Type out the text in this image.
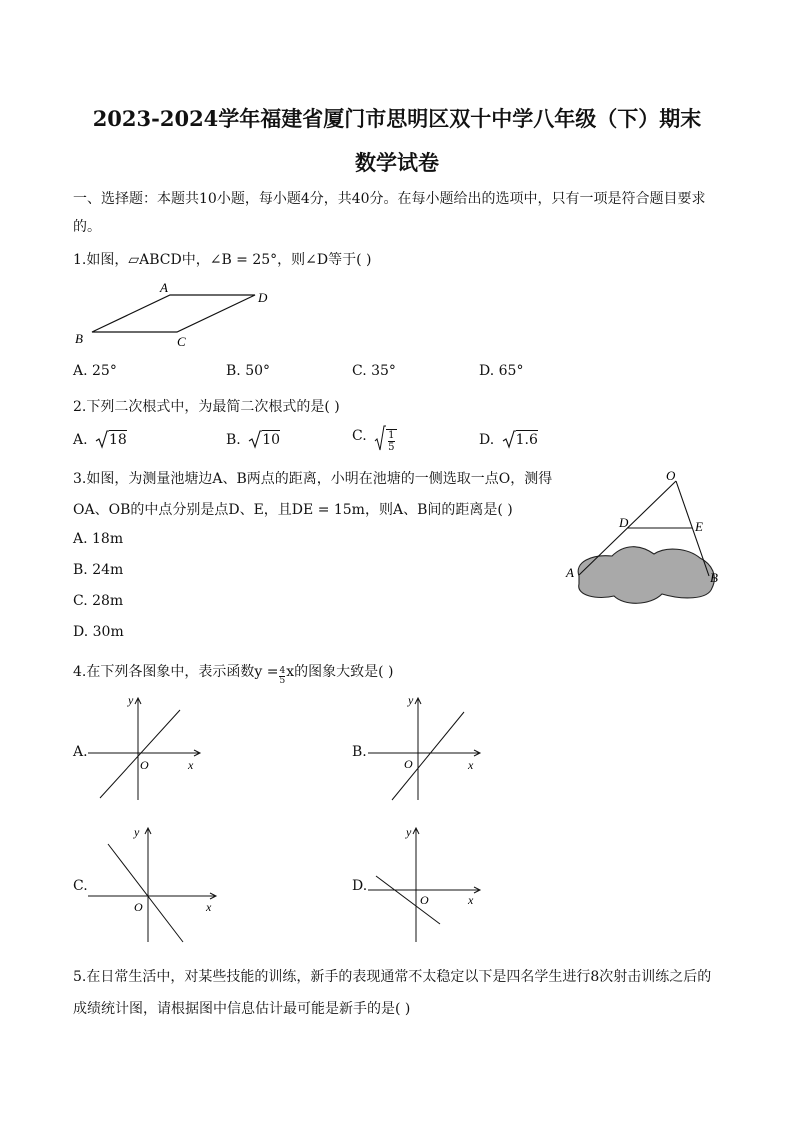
2023-2024学年福建省厦门市思明区双十中学八年级（下）期末
数学试卷
一、选择题：本题共10小题，每小题4分，共40分。在每小题给出的选项中，只有一项是符合题目要求
的。
1.如图，▱ABCD中，∠B = 25°，则∠D等于( )
A
D
B	C
A. 25°	B. 50°	C. 35°	D. 65°
2.下列二次根式中，为最简二次根式的是( )
A. 18	B. 10	C. $\frac{1}{5}$	D. 1.6
3.如图，为测量池塘边A、B两点的距离，小明在池塘的一侧选取一点O，测得
OA、OB的中点分别是点D、E，且DE = 15m，则A、B间的距离是( )
A. 18m
B. 24m
C. 28m
D. 30m
O
D	E
A	B
4.在下列各图象中，表示函数$y = \frac{4}{5}$ x的图象大致是( )
A.
y
x
O
B.
y
x
O
C.
y
x
O
D.
y
x
O
5.在日常生活中，对某些技能的训练，新手的表现通常不太稳定以下是四名学生进行8次射击训练之后的
成绩统计图，请根据图中信息估计最可能是新手的是( )
